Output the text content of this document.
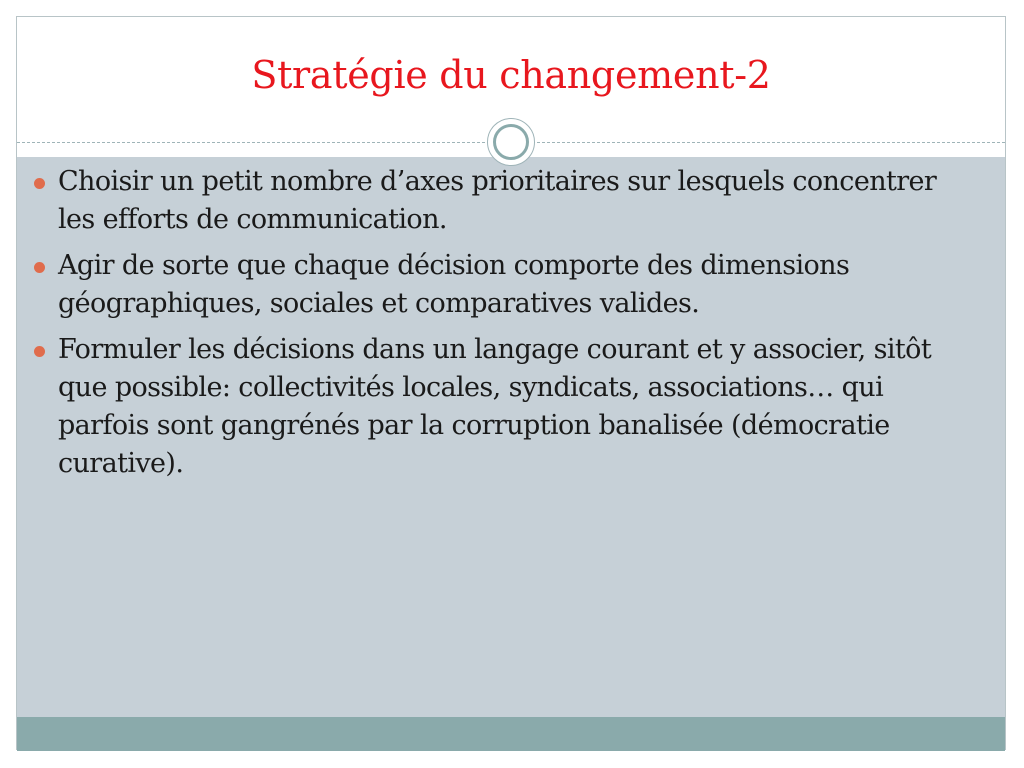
Stratégie du changement-2
Choisir un petit nombre d’axes prioritaires sur lesquels concentrer les efforts de communication.
Agir de sorte que chaque décision comporte des dimensions géographiques, sociales et comparatives valides.
Formuler les décisions dans un langage courant et y associer, sitôt que possible: collectivités locales, syndicats, associations… qui parfois sont gangrénés par la corruption banalisée (démocratie curative).
